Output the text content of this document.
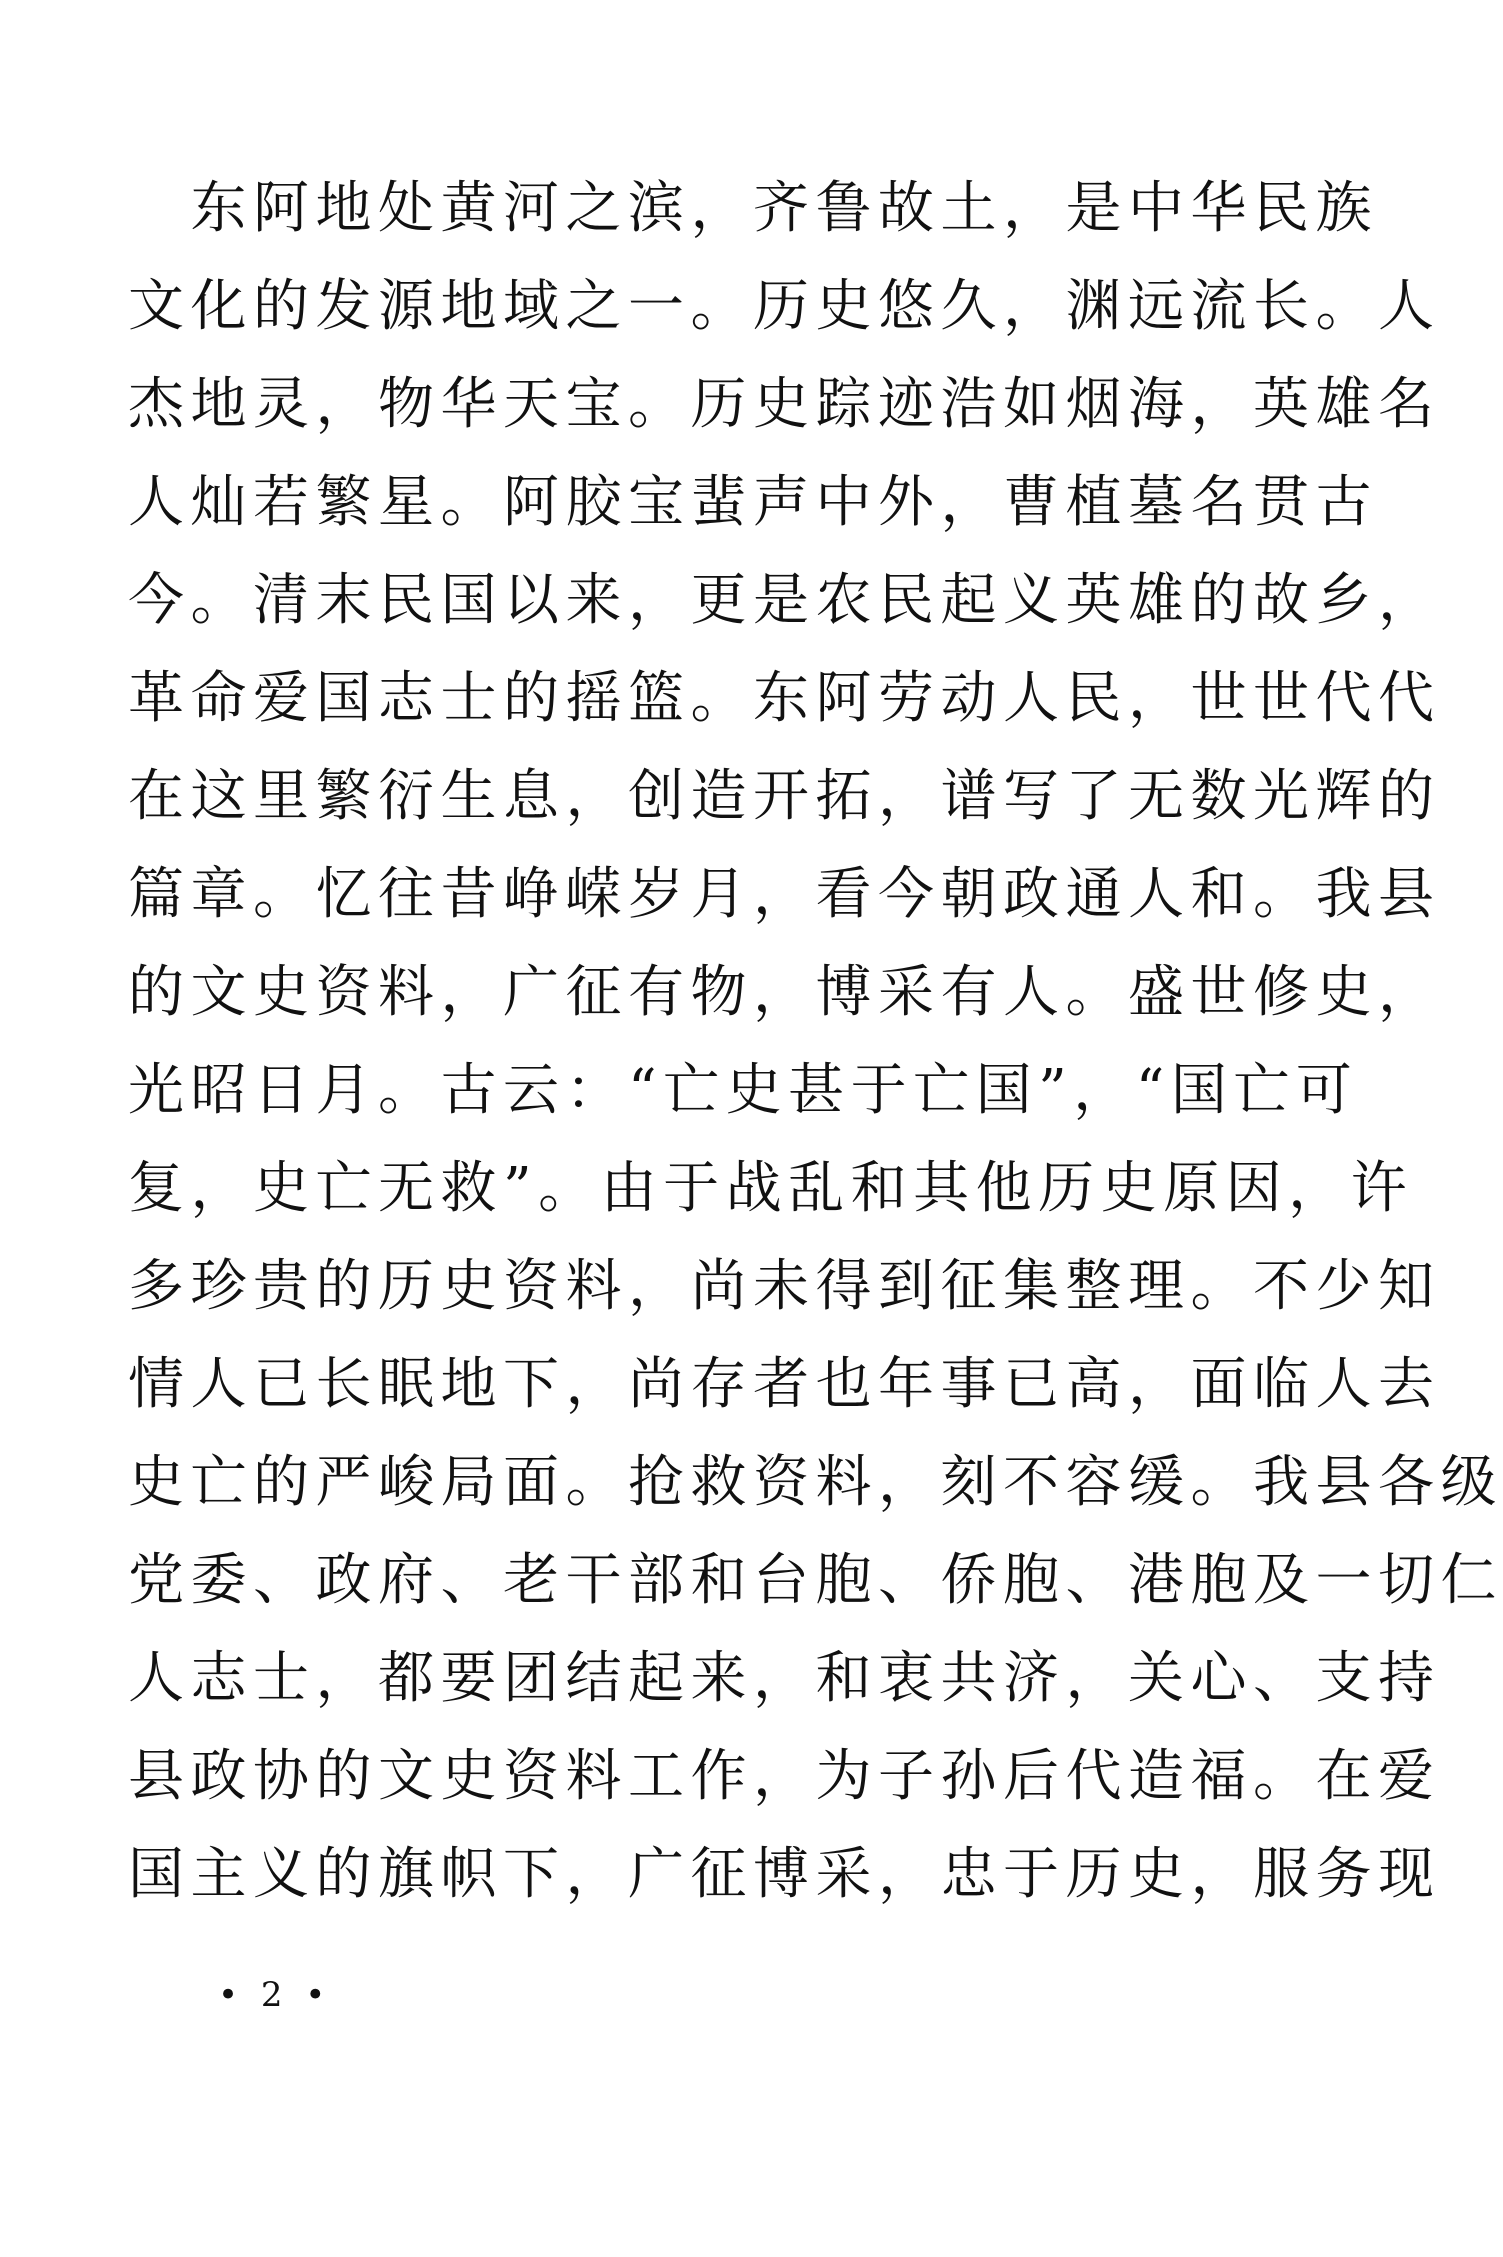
　东阿地处黄河之滨，齐鲁故土，是中华民族
文化的发源地域之一。历史悠久，渊远流长。人
杰地灵，物华天宝。历史踪迹浩如烟海，英雄名
人灿若繁星。阿胶宝蜚声中外，曹植墓名贯古
今。清末民国以来，更是农民起义英雄的故乡，
革命爱国志士的摇篮。东阿劳动人民，世世代代
在这里繁衍生息，创造开拓，谱写了无数光辉的
篇章。忆往昔峥嵘岁月，看今朝政通人和。我县
的文史资料，广征有物，博采有人。盛世修史，
光昭日月。古云：“亡史甚于亡国”，“国亡可
复，史亡无救”。由于战乱和其他历史原因，许
多珍贵的历史资料，尚未得到征集整理。不少知
情人已长眠地下，尚存者也年事已高，面临人去
史亡的严峻局面。抢救资料，刻不容缓。我县各级
党委、政府、老干部和台胞、侨胞、港胞及一切仁
人志士，都要团结起来，和衷共济，关心、支持
县政协的文史资料工作，为子孙后代造福。在爱
国主义的旗帜下，广征博采，忠于历史，服务现
• 2 •
